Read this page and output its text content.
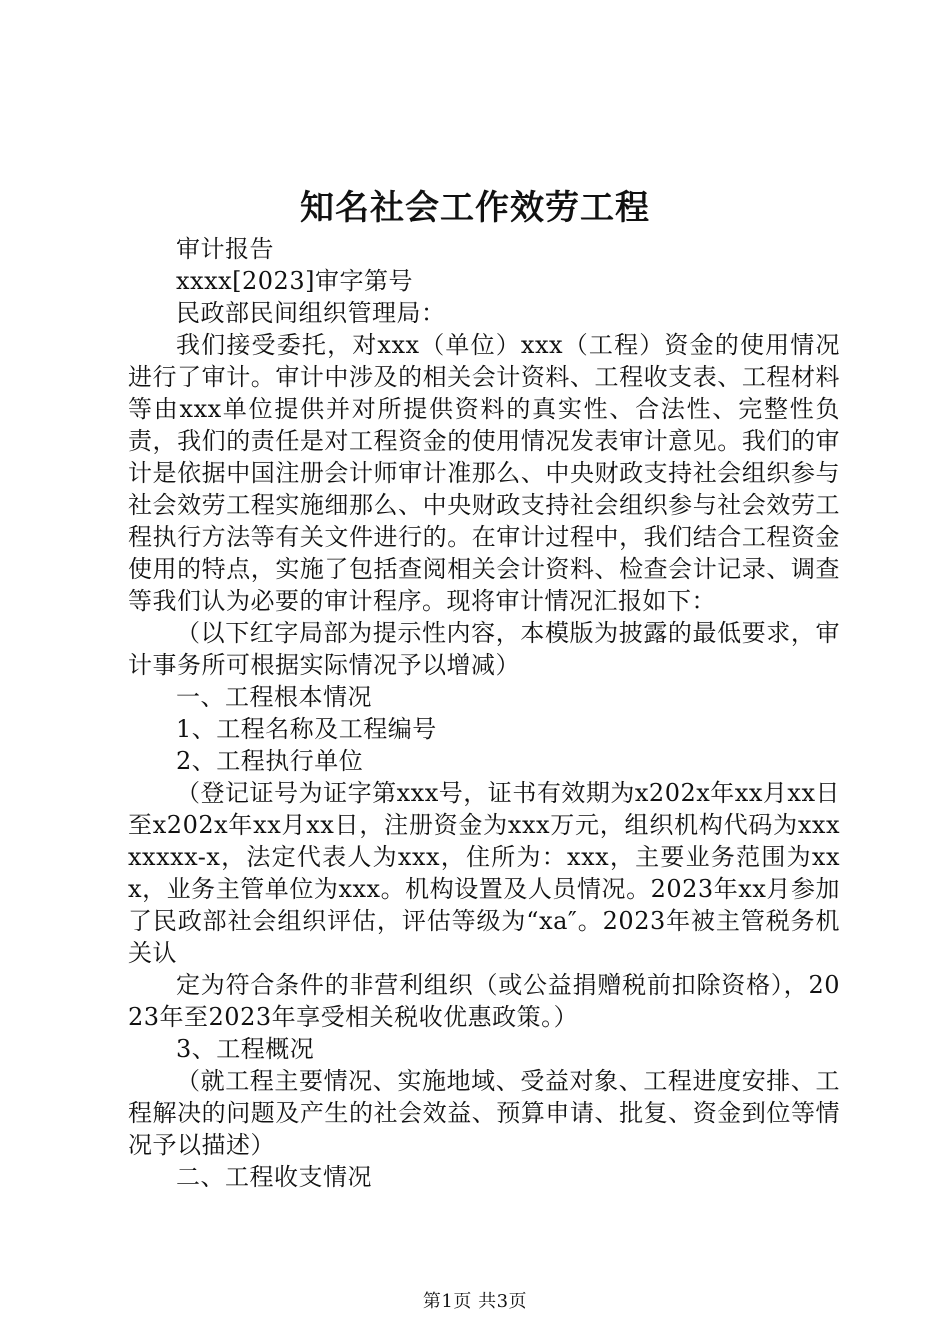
知名社会工作效劳工程

审计报告

xxxx[2023]审字第号

民政部民间组织管理局：

我们接受委托，对xxx（单位）xxx（工程）资金的使用情况进行了审计。审计中涉及的相关会计资料、工程收支表、工程材料等由xxx单位提供并对所提供资料的真实性、合法性、完整性负责，我们的责任是对工程资金的使用情况发表审计意见。我们的审计是依据中国注册会计师审计准那么、中央财政支持社会组织参与社会效劳工程实施细那么、中央财政支持社会组织参与社会效劳工程执行方法等有关文件进行的。在审计过程中，我们结合工程资金使用的特点，实施了包括查阅相关会计资料、检查会计记录、调查等我们认为必要的审计程序。现将审计情况汇报如下：

（以下红字局部为提示性内容，本模版为披露的最低要求，审计事务所可根据实际情况予以增减）

一、工程根本情况

1、工程名称及工程编号

2、工程执行单位

（登记证号为证字第xxx号，证书有效期为x202x年xx月xx日至x202x年xx月xx日，注册资金为xxx万元，组织机构代码为xxxxxxxx-x，法定代表人为xxx，住所为：xxx，主要业务范围为xxx，业务主管单位为xxx。机构设置及人员情况。2023年xx月参加了民政部社会组织评估，评估等级为“xa″。2023年被主管税务机关认

定为符合条件的非营利组织（或公益捐赠税前扣除资格），2023年至2023年享受相关税收优惠政策。）

3、工程概况

（就工程主要情况、实施地域、受益对象、工程进度安排、工程解决的问题及产生的社会效益、预算申请、批复、资金到位等情况予以描述）

二、工程收支情况

第1页 共3页
